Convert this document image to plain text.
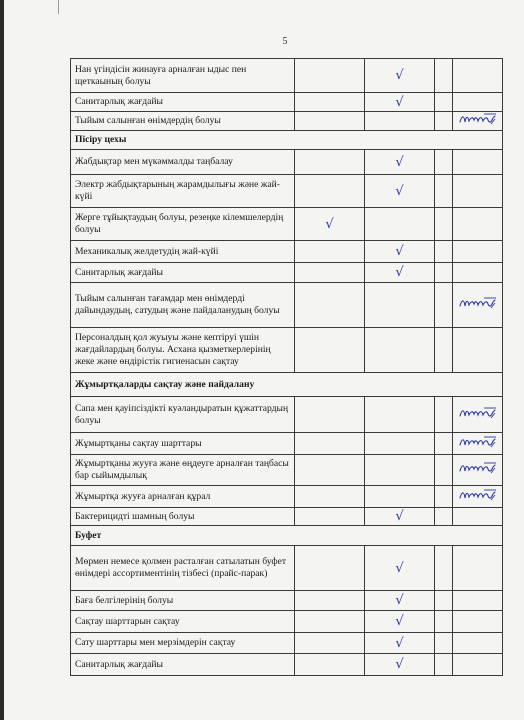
5
Нан үгіндісін жинауға арналған ыдыс пен щеткаының болуы		√		

Санитарлық жағдайы		√		

Тыйым салынған өнімдердің болуы				

Пісіру цехы				
Жабдықтар мен мүкәммалды таңбалау		√		

Электр жабдықтарының жарамдылығы және жай-күйі		√		

Жерге тұйықтаудың болуы, резеңке кілемшелердің болуы	√			

Механикалық желдетудің жай-күйі		√		

Санитарлық жағдайы		√		

Тыйым салынған тағамдар мен өнімдерді дайындаудың, сатудың және пайдаланудың болуы				

Персоналдың қол жуыуы және кептіруі үшін жағдайлардың болуы. Асхана қызметкерлерінің жеке және өндірістік гигиенасын сақтау				
Жұмыртқаларды сақтау және пайдалану				
Сапа мен қауіпсіздікті куәландыратын құжаттардың болуы				

Жұмыртқаны сақтау шарттары				

Жұмыртқаны жууға және өңдеуге арналған таңбасы бар сыйымдылық				

Жұмыртқа жууға арналған құрал				

Бактерицидті шамның болуы		√		

Буфет				
Мөрмен немесе қолмен расталған сатылатын буфет өнімдері ассортиментінің тізбесі (прайс-парак)		√		

Баға белгілерінің болуы		√		

Сақтау шарттарын сақтау		√		

Сату шарттары мен мерзімдерін сақтау		√		

Санитарлық жағдайы		√		
